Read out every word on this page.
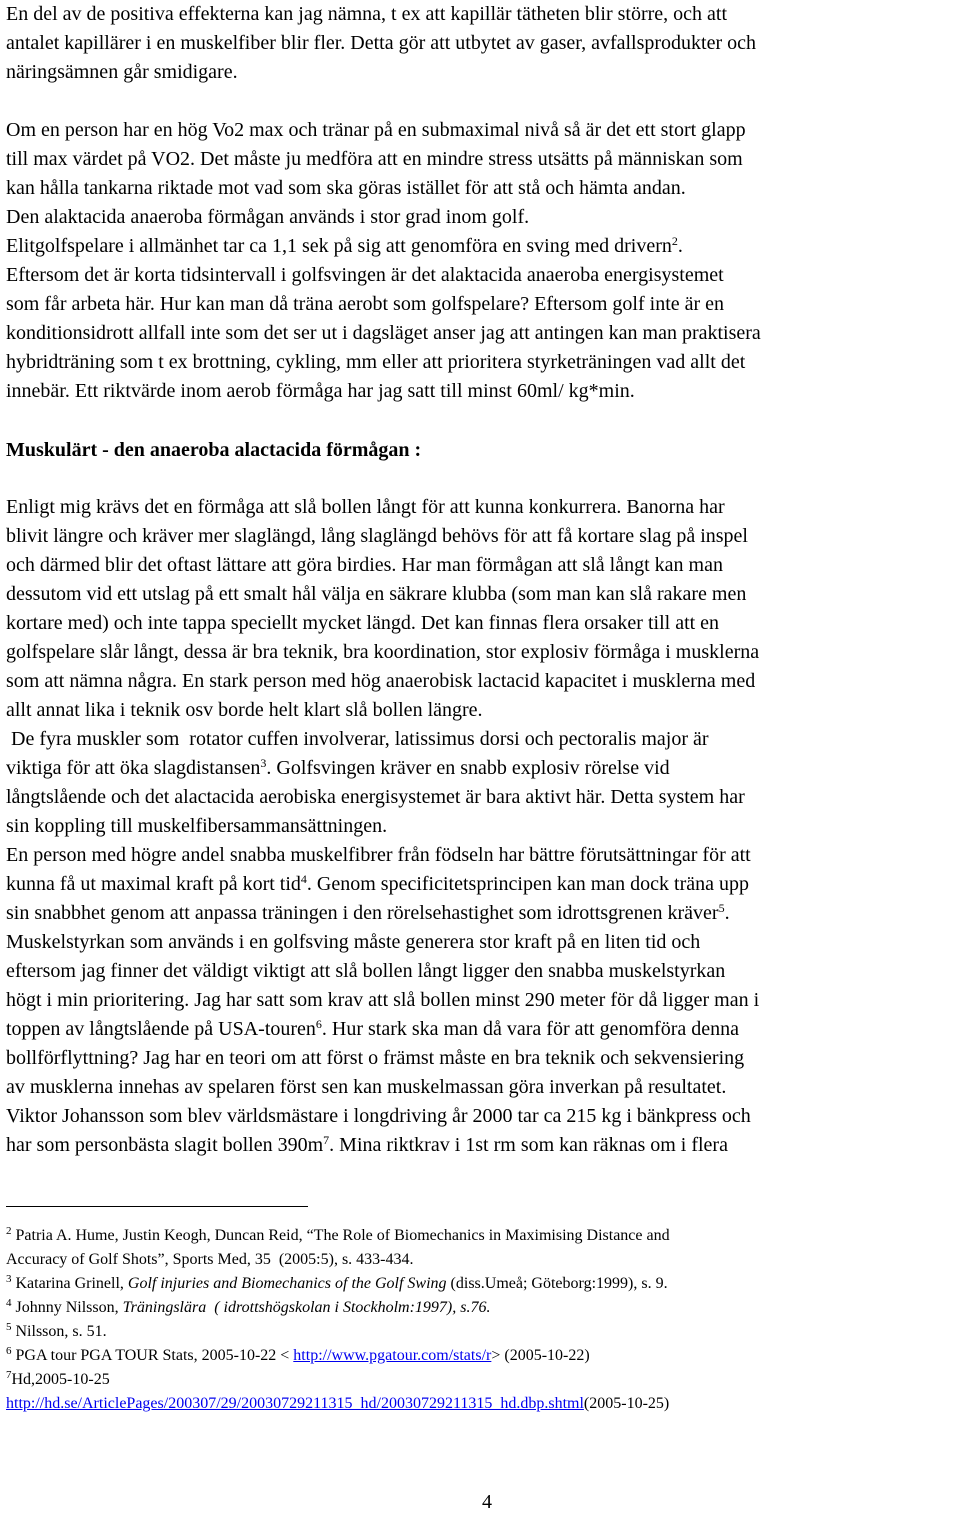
En del av de positiva effekterna kan jag nämna, t ex att kapillär tätheten blir större, och att
antalet kapillärer i en muskelfiber blir fler. Detta gör att utbytet av gaser, avfallsprodukter och
näringsämnen går smidigare.
Om en person har en hög Vo2 max och tränar på en submaximal nivå så är det ett stort glapp
till max värdet på VO2. Det måste ju medföra att en mindre stress utsätts på människan som
kan hålla tankarna riktade mot vad som ska göras istället för att stå och hämta andan.
Den alaktacida anaeroba förmågan används i stor grad inom golf.
Elitgolfspelare i allmänhet tar ca 1,1 sek på sig att genomföra en sving med drivern$^2$.
Eftersom det är korta tidsintervall i golfsvingen är det alaktacida anaeroba energisystemet
som får arbeta här. Hur kan man då träna aerobt som golfspelare? Eftersom golf inte är en
konditionsidrott allfall inte som det ser ut i dagsläget anser jag att antingen kan man praktisera
hybridträning som t ex brottning, cykling, mm eller att prioritera styrketräningen vad allt det
innebär. Ett riktvärde inom aerob förmåga har jag satt till minst 60ml/ kg*min.
Muskulärt - den anaeroba alactacida förmågan :
Enligt mig krävs det en förmåga att slå bollen långt för att kunna konkurrera. Banorna har
blivit längre och kräver mer slaglängd, lång slaglängd behövs för att få kortare slag på inspel
och därmed blir det oftast lättare att göra birdies. Har man förmågan att slå långt kan man
dessutom vid ett utslag på ett smalt hål välja en säkrare klubba (som man kan slå rakare men
kortare med) och inte tappa speciellt mycket längd. Det kan finnas flera orsaker till att en
golfspelare slår långt, dessa är bra teknik, bra koordination, stor explosiv förmåga i musklerna
som att nämna några. En stark person med hög anaerobisk lactacid kapacitet i musklerna med
allt annat lika i teknik osv borde helt klart slå bollen längre.
De fyra muskler som  rotator cuffen involverar, latissimus dorsi och pectoralis major är
viktiga för att öka slagdistansen$^3$. Golfsvingen kräver en snabb explosiv rörelse vid
långtslående och det alactacida aerobiska energisystemet är bara aktivt här. Detta system har
sin koppling till muskelfibersammansättningen.
En person med högre andel snabba muskelfibrer från födseln har bättre förutsättningar för att
kunna få ut maximal kraft på kort tid$^4$. Genom specificitetsprincipen kan man dock träna upp
sin snabbhet genom att anpassa träningen i den rörelsehastighet som idrottsgrenen kräver$^5$.
Muskelstyrkan som används i en golfsving måste generera stor kraft på en liten tid och
eftersom jag finner det väldigt viktigt att slå bollen långt ligger den snabba muskelstyrkan
högt i min prioritering. Jag har satt som krav att slå bollen minst 290 meter för då ligger man i
toppen av långtslående på USA-touren$^6$. Hur stark ska man då vara för att genomföra denna
bollförflyttning? Jag har en teori om att först o främst måste en bra teknik och sekvensiering
av musklerna innehas av spelaren först sen kan muskelmassan göra inverkan på resultatet.
Viktor Johansson som blev världsmästare i longdriving år 2000 tar ca 215 kg i bänkpress och
har som personbästa slagit bollen $390m^7$. Mina riktkrav i 1st rm som kan räknas om i flera
$^2$ Patria A. Hume, Justin Keogh, Duncan Reid, “The Role of Biomechanics in Maximising Distance and
Accuracy of Golf Shots”, Sports Med, 35  (2005:5), s. 433-434.
$^3$ Katarina Grinell, Golf injuries and Biomechanics of the Golf Swing (diss.Umeå; Göteborg:1999), s. 9.
$^4$ Johnny Nilsson, Träningslära  ( idrottshögskolan i Stockholm:1997), s.76.
$^5$ Nilsson, s. 51.
$^6$ PGA tour PGA TOUR Stats, 2005-10-22 < http://www.pgatour.com/stats/r> (2005-10-22)
$^7$Hd,2005-10-25
http://hd.se/ArticlePages/200307/29/20030729211315_hd/20030729211315_hd.dbp.shtml(2005-10-25)
4
